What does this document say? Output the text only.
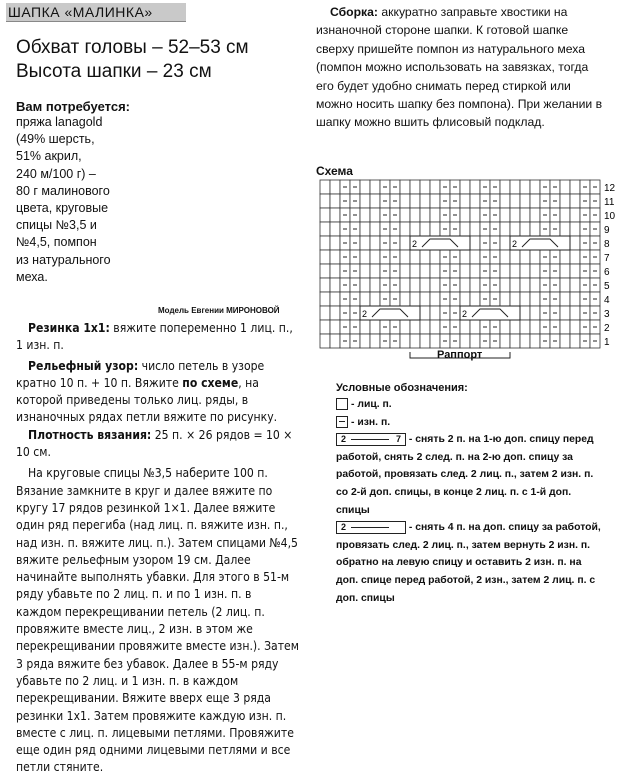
ШАПКА «МАЛИНКА»
Обхват головы – 52–53 см
Высота шапки – 23 см
Вам потребуется:
пряжа lanagold
(49% шерсть,
51% акрил,
240 м/100 г) –
80 г малинового
цвета, круговые
спицы №3,5 и
№4,5, помпон
из натурального
меха.
Модель Евгении МИРОНОВОЙ
Резинка 1х1: вяжите попеременно 1 лиц. п., 1 изн. п.
Рельефный узор: число петель в узоре кратно 10 п. + 10 п. Вяжите по схеме, на которой приведены только лиц. ряды, в изнаночных рядах петли вяжите по рисунку.
Плотность вязания: 25 п. × 26 рядов = 10 × 10 см.
На круговые спицы №3,5 наберите 100 п. Вязание замкните в круг и далее вяжите по кругу 17 рядов резинкой 1×1. Далее вяжите один ряд перегиба (над лиц. п. вяжите изн. п., над изн. п. вяжите лиц. п.). Затем спицами №4,5 вяжите рельефным узором 19 см. Далее начинайте выполнять убавки. Для этого в 51-м ряду убавьте по 2 лиц. п. и по 1 изн. п. в каждом перекрещивании петель (2 лиц. п. провяжите вместе лиц., 2 изн. в этом же перекрещивании провяжите вместе изн.). Затем 3 ряда вяжите без убавок. Далее в 55-м ряду убавьте по 2 лиц. и 1 изн. п. в каждом перекрещивании. Вяжите вверх еще 3 ряда резинки 1х1. Затем провяжите каждую изн. п. вместе с лиц. п. лицевыми петлями. Провяжите еще один ряд одними лицевыми петлями и все петли стяните.
Сборка: аккуратно заправьте хвостики на изнаночной стороне шапки. К готовой шапке сверху пришейте помпон из натурального меха (помпон можно использовать на завязках, тогда его будет удобно снимать перед стиркой или можно носить шапку без помпона). При желании в шапку можно вшить флисовый подклад.
Схема
12
11
10
9
8
7
6
5
4
3
2
1
2	2
2	2
Раппорт
Условные обозначения:
- лиц. п.
- изн. п.
2	7 - снять 2 п. на 1-ю доп. спицу перед работой, снять 2 след. п. на 2-ю доп. спицу за работой, провязать след. 2 лиц. п., затем 2 изн. п. со 2-й доп. спицы, в конце 2 лиц. п. с 1-й доп. спицы
2	- снять 4 п. на доп. спицу за работой, провязать след. 2 лиц. п., затем вернуть 2 изн. п. обратно на левую спицу и оставить 2 изн. п. на доп. спице перед работой, 2 изн., затем 2 лиц. п. с доп. спицы
